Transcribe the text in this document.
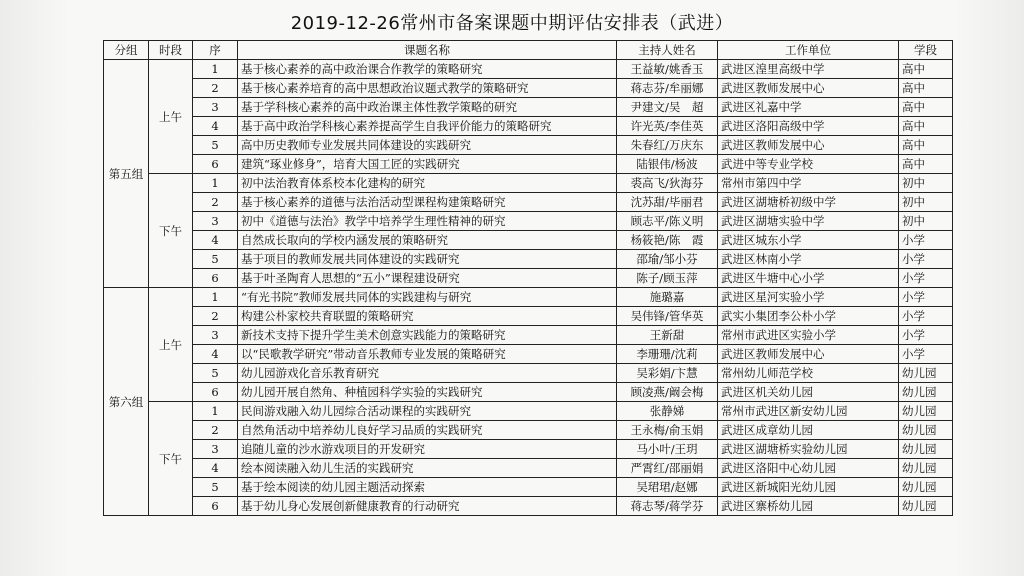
2019-12-26常州市备案课题中期评估安排表（武进）
分组	时段	序	课题名称	主持人姓名	工作单位	学段
第五组	上午	1	基于核心素养的高中政治课合作教学的策略研究	王益敏/姚香玉	武进区湟里高级中学	高中
		2	基于核心素养培育的高中思想政治议题式教学的策略研究	蒋志芬/牟丽娜	武进区教师发展中心	高中
		3	基于学科核心素养的高中政治课主体性教学策略的研究	尹建文/吴　超	武进区礼嘉中学	高中
		4	基于高中政治学科核心素养提高学生自我评价能力的策略研究	许光英/李佳英	武进区洛阳高级中学	高中
		5	高中历史教师专业发展共同体建设的实践研究	朱春红/万庆东	武进区教师发展中心	高中
		6	建筑“琢业修身”，培育大国工匠的实践研究	陆银伟/杨波	武进中等专业学校	高中
	下午	1	初中法治教育体系校本化建构的研究	裘高飞/狄海芬	常州市第四中学	初中
		2	基于核心素养的道德与法治活动型课程构建策略研究	沈苏甜/毕丽君	武进区湖塘桥初级中学	初中
		3	初中《道德与法治》教学中培养学生理性精神的研究	顾志平/陈义明	武进区湖塘实验中学	初中
		4	自然成长取向的学校内涵发展的策略研究	杨筱艳/陈　霞	武进区城东小学	小学
		5	基于项目的教师发展共同体建设的实践研究	邵瑜/邹小芬	武进区林南小学	小学
		6	基于叶圣陶育人思想的“五小”课程建设研究	陈子/顾玉萍	武进区牛塘中心小学	小学
第六组	上午	1	“有光书院”教师发展共同体的实践建构与研究	施璐嘉	武进区星河实验小学	小学
		2	构建公朴家校共育联盟的策略研究	吴伟锋/管华英	武实小集团李公朴小学	小学
		3	新技术支持下提升学生美术创意实践能力的策略研究	王新甜	常州市武进区实验小学	小学
		4	以“民歌教学研究”带动音乐教师专业发展的策略研究	李珊珊/沈莉	武进区教师发展中心	小学
		5	幼儿园游戏化音乐教育研究	吴彩娟/卞慧	常州幼儿师范学校	幼儿园
		6	幼儿园开展自然角、种植园科学实验的实践研究	顾凌燕/阚会梅	武进区机关幼儿园	幼儿园
	下午	1	民间游戏融入幼儿园综合活动课程的实践研究	张静娣	常州市武进区新安幼儿园	幼儿园
		2	自然角活动中培养幼儿良好学习品质的实践研究	王永梅/俞玉娟	武进区成章幼儿园	幼儿园
		3	追随儿童的沙水游戏项目的开发研究	马小叶/王玥	武进区湖塘桥实验幼儿园	幼儿园
		4	绘本阅读融入幼儿生活的实践研究	严霄红/邵丽娟	武进区洛阳中心幼儿园	幼儿园
		5	基于绘本阅读的幼儿园主题活动探索	吴珺珺/赵娜	武进区新城阳光幼儿园	幼儿园
		6	基于幼儿身心发展创新健康教育的行动研究	蒋志琴/蒋学芬	武进区寨桥幼儿园	幼儿园
